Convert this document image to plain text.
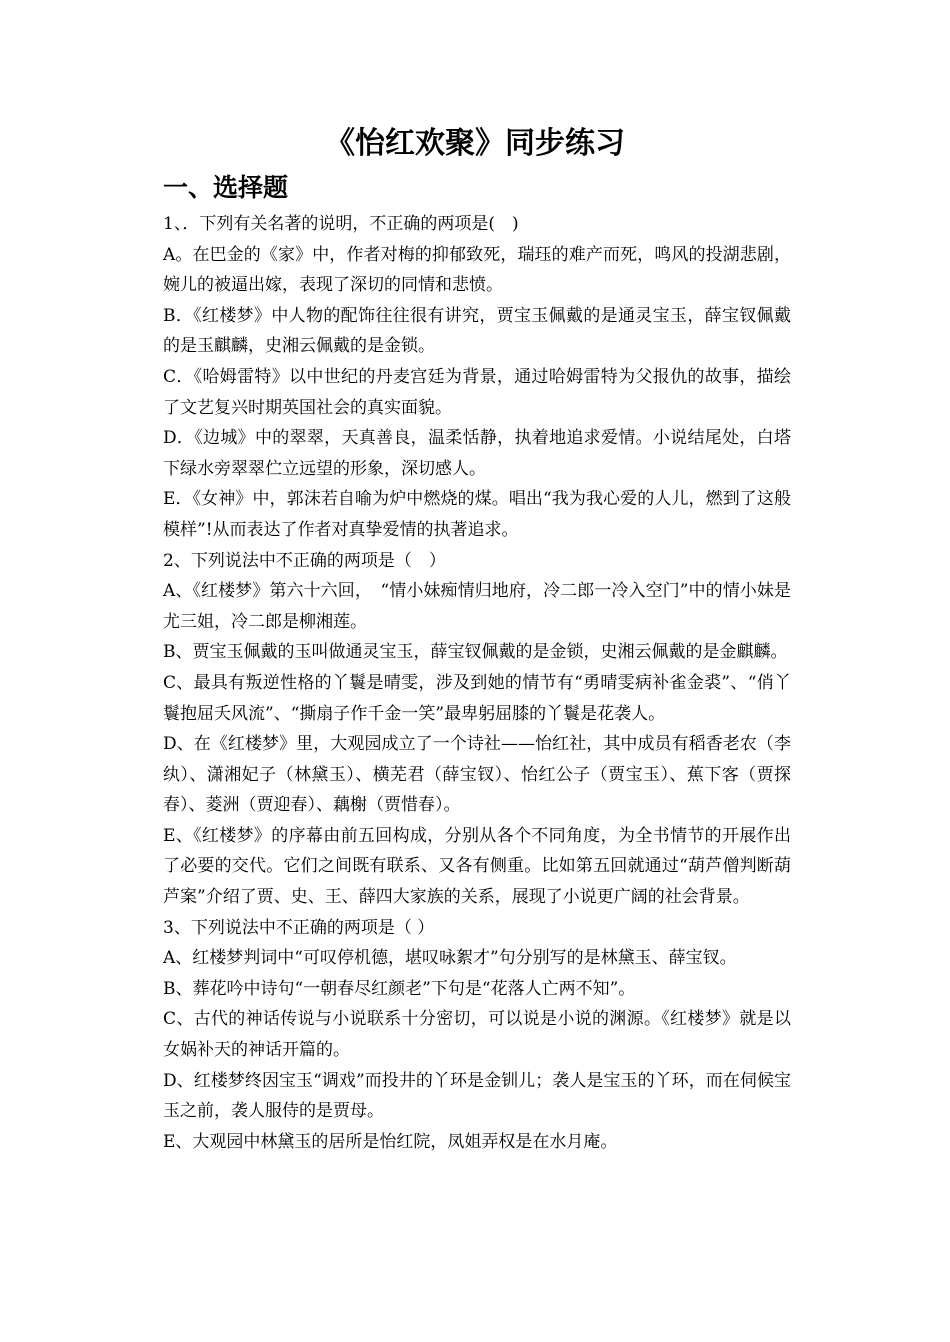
《怡红欢聚》同步练习
一、选择题

1、．下列有关名著的说明，不正确的两项是(　)

A。在巴金的《家》中，作者对梅的抑郁致死，瑞珏的难产而死，鸣风的投湖悲剧，婉儿的被逼出嫁，表现了深切的同情和悲愤。

B．《红楼梦》中人物的配饰往往很有讲究，贾宝玉佩戴的是通灵宝玉，薛宝钗佩戴的是玉麒麟，史湘云佩戴的是金锁。

C．《哈姆雷特》以中世纪的丹麦宫廷为背景，通过哈姆雷特为父报仇的故事，描绘了文艺复兴时期英国社会的真实面貌。

D．《边城》中的翠翠，天真善良，温柔恬静，执着地追求爱情。小说结尾处，白塔下绿水旁翠翠伫立远望的形象，深切感人。

E．《女神》中，郭沫若自喻为炉中燃烧的煤。唱出“我为我心爱的人儿，燃到了这般模样”!从而表达了作者对真挚爱情的执著追求。

2、下列说法中不正确的两项是（　）

A、《红楼梦》第六十六回，　“情小妹痴情归地府，冷二郎一冷入空门”中的情小妹是尤三姐，冷二郎是柳湘莲。

B、贾宝玉佩戴的玉叫做通灵宝玉，薛宝钗佩戴的是金锁，史湘云佩戴的是金麒麟。

C、最具有叛逆性格的丫鬟是晴雯，涉及到她的情节有“勇晴雯病补雀金裘”、“俏丫鬟抱屈夭风流”、“撕扇子作千金一笑”最卑躬屈膝的丫鬟是花袭人。

D、在《红楼梦》里，大观园成立了一个诗社——怡红社，其中成员有稻香老农（李纨）、潇湘妃子（林黛玉）、横芜君（薛宝钗）、怡红公子（贾宝玉）、蕉下客（贾探春）、菱洲（贾迎春）、藕榭（贾惜春）。

E、《红楼梦》的序幕由前五回构成，分别从各个不同角度，为全书情节的开展作出了必要的交代。它们之间既有联系、又各有侧重。比如第五回就通过“葫芦僧判断葫芦案”介绍了贾、史、王、薛四大家族的关系，展现了小说更广阔的社会背景。

3、下列说法中不正确的两项是（ ）

A、红楼梦判词中“可叹停机德，堪叹咏絮才”句分别写的是林黛玉、薛宝钗。

B、葬花吟中诗句“一朝春尽红颜老”下句是“花落人亡两不知”。

C、古代的神话传说与小说联系十分密切，可以说是小说的渊源。《红楼梦》就是以女娲补天的神话开篇的。

D、红楼梦终因宝玉“调戏”而投井的丫环是金钏儿；袭人是宝玉的丫环，而在伺候宝玉之前，袭人服侍的是贾母。

E、大观园中林黛玉的居所是怡红院，凤姐弄权是在水月庵。
